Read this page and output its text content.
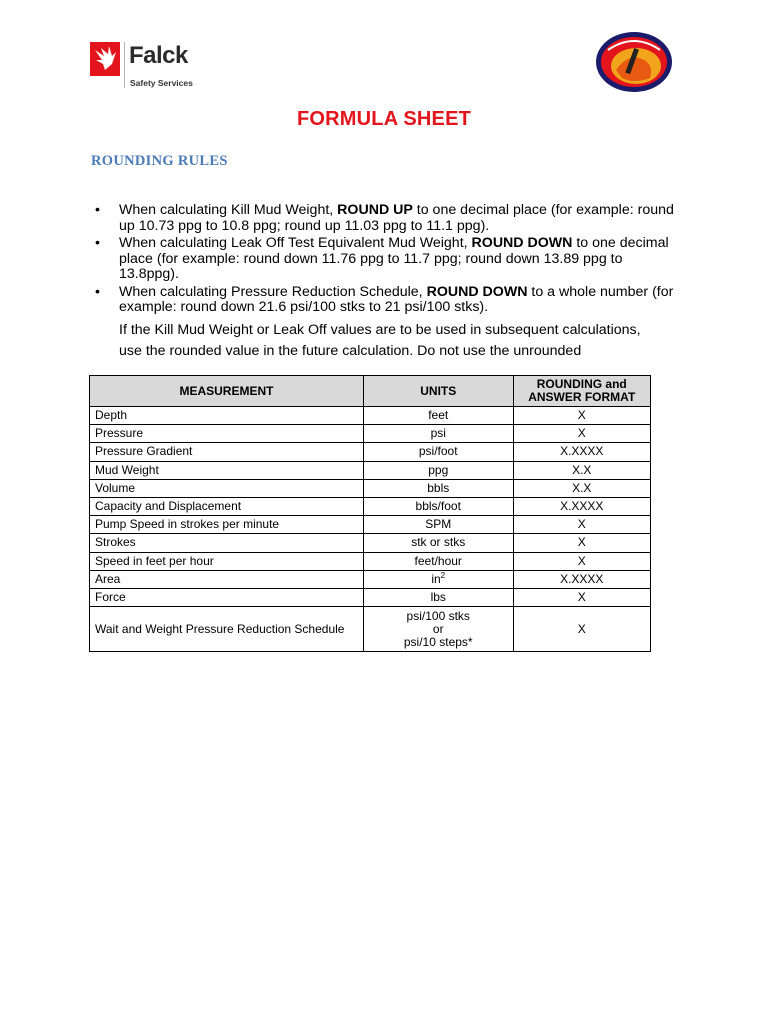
Falck
Safety Services
FORMULA SHEET
ROUNDING RULES
• When calculating Kill Mud Weight, ROUND UP to one decimal place (for example: round up 10.73 ppg to 10.8 ppg; round up 11.03 ppg to 11.1 ppg).
• When calculating Leak Off Test Equivalent Mud Weight, ROUND DOWN to one decimal place (for example: round down 11.76 ppg to 11.7 ppg; round down 13.89 ppg to 13.8ppg).
• When calculating Pressure Reduction Schedule, ROUND DOWN to a whole number (for example: round down 21.6 psi/100 stks to 21 psi/100 stks).
If the Kill Mud Weight or Leak Off values are to be used in subsequent calculations,
use the rounded value in the future calculation. Do not use the unrounded
MEASUREMENT	UNITS	ROUNDING and ANSWER FORMAT
Depth	feet	X
Pressure	psi	X
Pressure Gradient	psi/foot	X.XXXX
Mud Weight	ppg	X.X
Volume	bbls	X.X
Capacity and Displacement	bbls/foot	X.XXXX
Pump Speed in strokes per minute	SPM	X
Strokes	stk or stks	X
Speed in feet per hour	feet/hour	X
Area	$in^2$	X.XXXX
Force	lbs	X
Wait and Weight Pressure Reduction Schedule	psi/100 stks
or
psi/10 steps*	X
